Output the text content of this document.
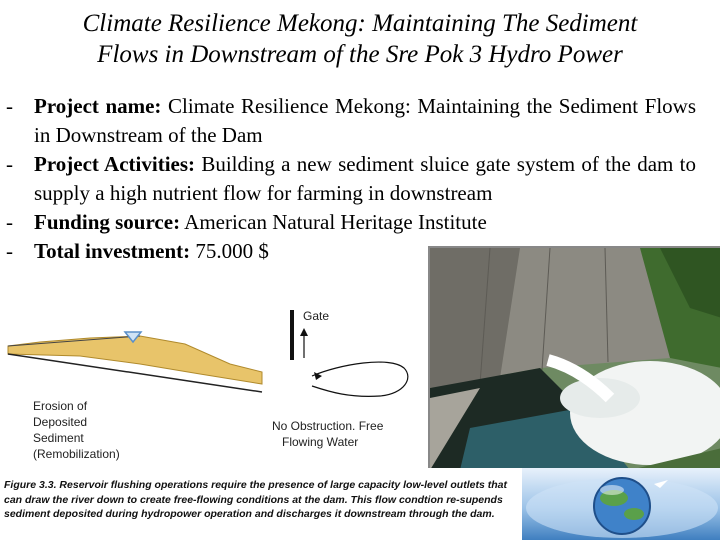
Climate Resilience Mekong: Maintaining The Sediment
Flows in Downstream of the Sre Pok 3 Hydro Power
-	Project name: Climate Resilience Mekong: Maintaining the Sediment Flows in Downstream of the Dam
-	Project Activities: Building a new sediment sluice gate system of the dam to supply a high nutrient flow for farming in downstream
-	Funding source: American Natural Heritage Institute
-	Total investment: 75.000 $
Gate
Erosion of Deposited Sediment (Remobilization)
No Obstruction. Free Flowing Water
Figure 3.3. Reservoir flushing operations require the presence of large capacity low-level outlets that can draw the river down to create free-flowing conditions at the dam. This flow condtion re-supends sediment deposited during hydropower operation and discharges it downstream through the dam.
